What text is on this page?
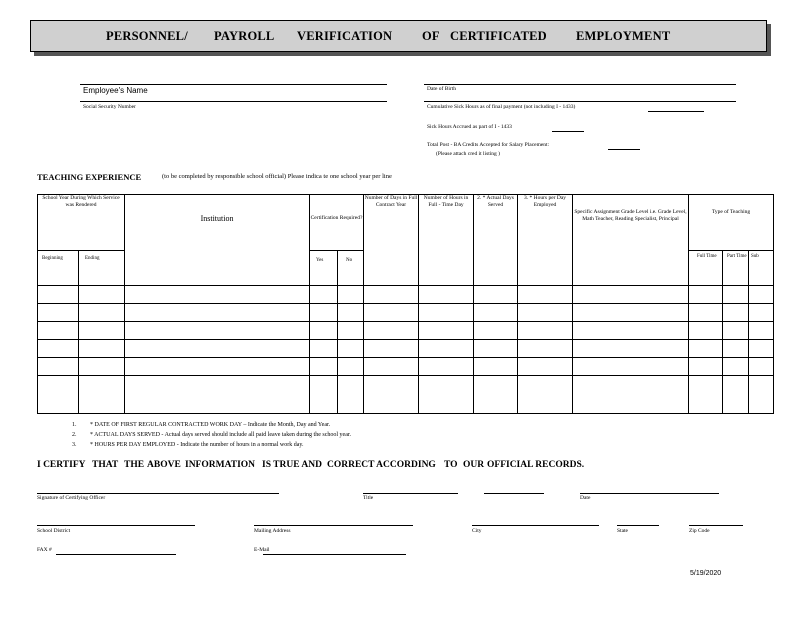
PERSONNEL/ PAYROLL VERIFICATION OF CERTIFICATED EMPLOYMENT
Employee's Name
Social Security Number
Date of Birth
Cumulative Sick Hours as of final payment (not including I - 1433)
Sick Hours Accrued as part of I - 1433
Total Post - BA Credits Accepted for Salary Placement:
(Please attach cred it listing )
TEACHING EXPERIENCE	(to be completed by responsible school official) Please indica te one school year per line
School Year During Which Service was Rendered		Institution	Certification Required?		Number of Days in Full Contract Year	Number of Hours in Full - Time Day	2. * Actual Days Served	3. * Hours per Day Employed	Specific Assignment Grade Level i.e. Grade Level, Math Teacher, Reading Specialist, Principal	Type of Teaching		
Beginning	Ending		Yes	No						Full Time	Part Time	Sub

1. * DATE OF FIRST REGULAR CONTRACTED WORK DAY – Indicate the Month, Day and Year.
2. * ACTUAL DAYS SERVED - Actual days served should include all paid leave taken during the school year.
3. * HOURS PER DAY EMPLOYED - Indicate the number of hours in a normal work day.
I CERTIFY THAT THE ABOVE INFORMATION IS TRUE AND CORRECT ACCORDING TO OUR OFFICIAL RECORDS.
Signature of Certifying Officer	Title	Date
School District	Mailing Address	City	State	Zip Code
FAX #	E-Mail
5/19/2020
